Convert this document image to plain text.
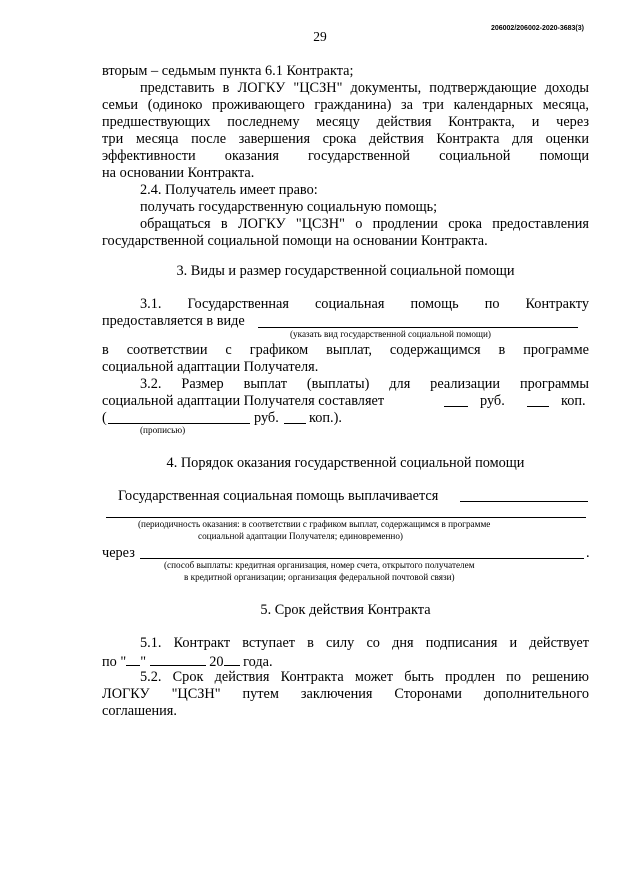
29
206002/206002-2020-3683(3)
вторым – седьмым пункта 6.1 Контракта;
представить в ЛОГКУ "ЦСЗН" документы, подтверждающие доходы
семьи (одиноко проживающего гражданина) за три календарных месяца,
предшествующих последнему месяцу действия Контракта, и через
три месяца после завершения срока действия Контракта для оценки
эффективности оказания государственной социальной помощи
на основании Контракта.
2.4. Получатель имеет право:
получать государственную социальную помощь;
обращаться в ЛОГКУ "ЦСЗН" о продлении срока предоставления
государственной социальной помощи на основании Контракта.
3. Виды и размер государственной социальной помощи
3.1. Государственная социальная помощь по Контракту
предоставляется в виде
(указать вид государственной социальной помощи)
в соответствии с графиком выплат, содержащимся в программе
социальной адаптации Получателя.
3.2. Размер выплат (выплаты) для реализации программы
социальной адаптации Получателя составляет	руб.	коп.
(	руб. коп.).
(прописью)
4. Порядок оказания государственной социальной помощи
Государственная социальная помощь выплачивается
(периодичность оказания: в соответствии с графиком выплат, содержащимся в программе
социальной адаптации Получателя; единовременно)
через	.
(способ выплаты: кредитная организация, номер счета, открытого получателем
в кредитной организации; организация федеральной почтовой связи)
5. Срок действия Контракта
5.1. Контракт вступает в силу со дня подписания и действует
по " "	20 года.
5.2. Срок действия Контракта может быть продлен по решению
ЛОГКУ "ЦСЗН" путем заключения Сторонами дополнительного
соглашения.
